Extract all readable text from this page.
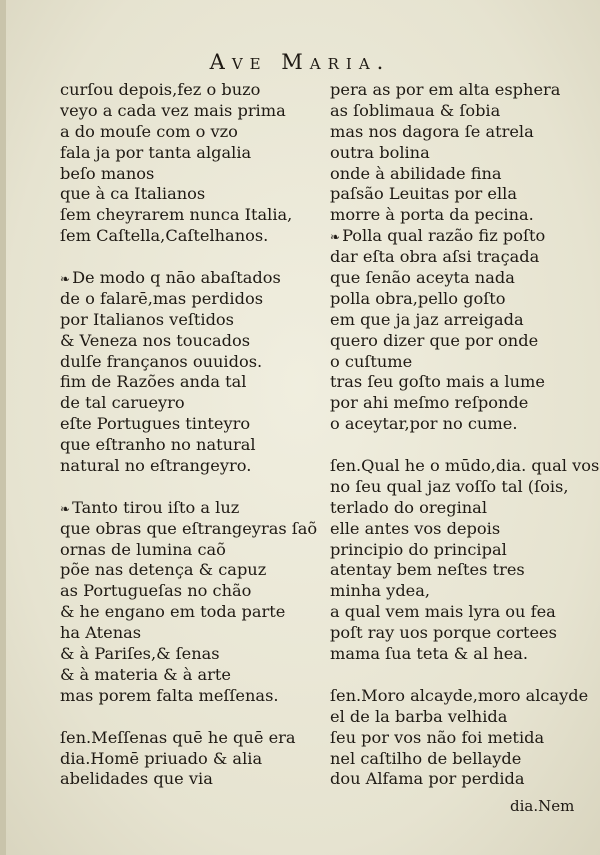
Ave Maria.
curſou depois,fez o buzo
veyo a cada vez mais prima
a do mouſe com o vzo
fala ja por tanta algalia
beſo manos
que à ca Italianos
ſem cheyrarem nunca Italia,
ſem Caſtella,Caſtelhanos.
❧ De modo q nāo abaſtados
de o falarē,mas perdidos
por Italianos veſtidos
& Veneza nos toucados
dulſe françanos ouuidos.
fim de Razões anda tal
de tal carueyro
eſte Portugues tinteyro
que eſtranho no natural
natural no eſtrangeyro.
❧ Tanto tirou iſto a luz
que obras que eſtrangeyras ſaõ
ornas de lumina caõ
põe nas detença & capuz
as Portugueſas no chão
& he engano em toda parte
ha Atenas
& à Pariſes,& ſenas
& à materia & à arte
mas porem falta meſſenas.
ſen.Meſſenas quē he quē era
dia.Homē priuado & alia
abelidades que via
pera as por em alta esphera
as ſoblimaua & ſobia
mas nos dagora ſe atrela
outra bolina
onde à abilidade fina
paſsão Leuitas por ella
morre à porta da pecina.
❧ Polla qual razão fiz poſto
dar eſta obra aſsi traçada
que ſenão aceyta nada
polla obra,pello goſto
em que ja jaz arreigada
quero dizer que por onde
o cuſtume
tras ſeu goſto mais a lume
por ahi meſmo reſponde
o aceytar,por no cume.
ſen.Qual he o mūdo,dia. qual vos
no ſeu qual jaz voſſo tal (ſois,
terlado do oreginal
elle antes vos depois
principio do principal
atentay bem neſtes tres
minha ydea,
a qual vem mais lyra ou fea
poſt ray uos porque cortees
mama ſua teta & al hea.
ſen.Moro alcayde,moro alcayde
el de la barba velhida
ſeu por vos não foi metida
nel caſtilho de bellayde
dou Alfama por perdida
dia.Nem
